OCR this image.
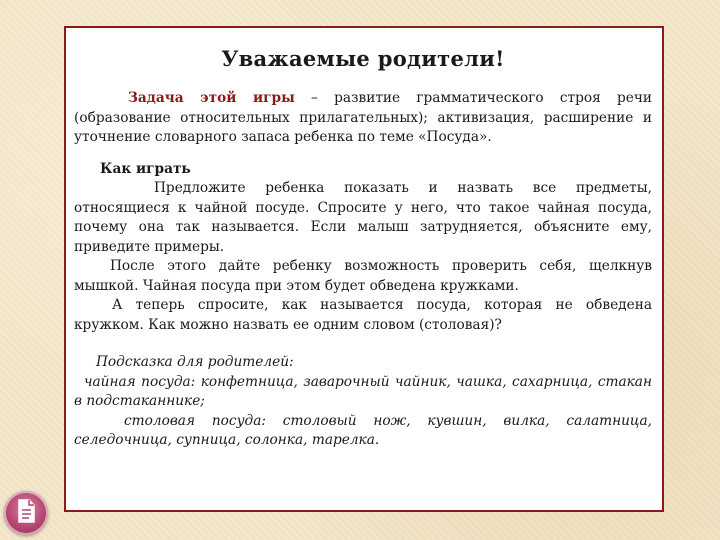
Уважаемые родители!

Задача этой игры – развитие грамматического строя речи (образование относительных прилагательных); активизация, расширение и уточнение словарного запаса ребенка по теме «Посуда».

Как играть

Предложите ребенка показать и назвать все предметы, относящиеся к чайной посуде. Спросите у него, что такое чайная посуда, почему она так называется. Если малыш затрудняется, объясните ему, приведите примеры.

После этого дайте ребенку возможность проверить себя, щелкнув мышкой. Чайная посуда при этом будет обведена кружками.

А теперь спросите, как называется посуда, которая не обведена кружком. Как можно назвать ее одним словом (столовая)?

Подсказка для родителей:

чайная посуда: конфетница, заварочный чайник, чашка, сахарница, стакан в подстаканнике;

столовая посуда: столовый нож, кувшин, вилка, салатница, селедочница, супница, солонка, тарелка.
